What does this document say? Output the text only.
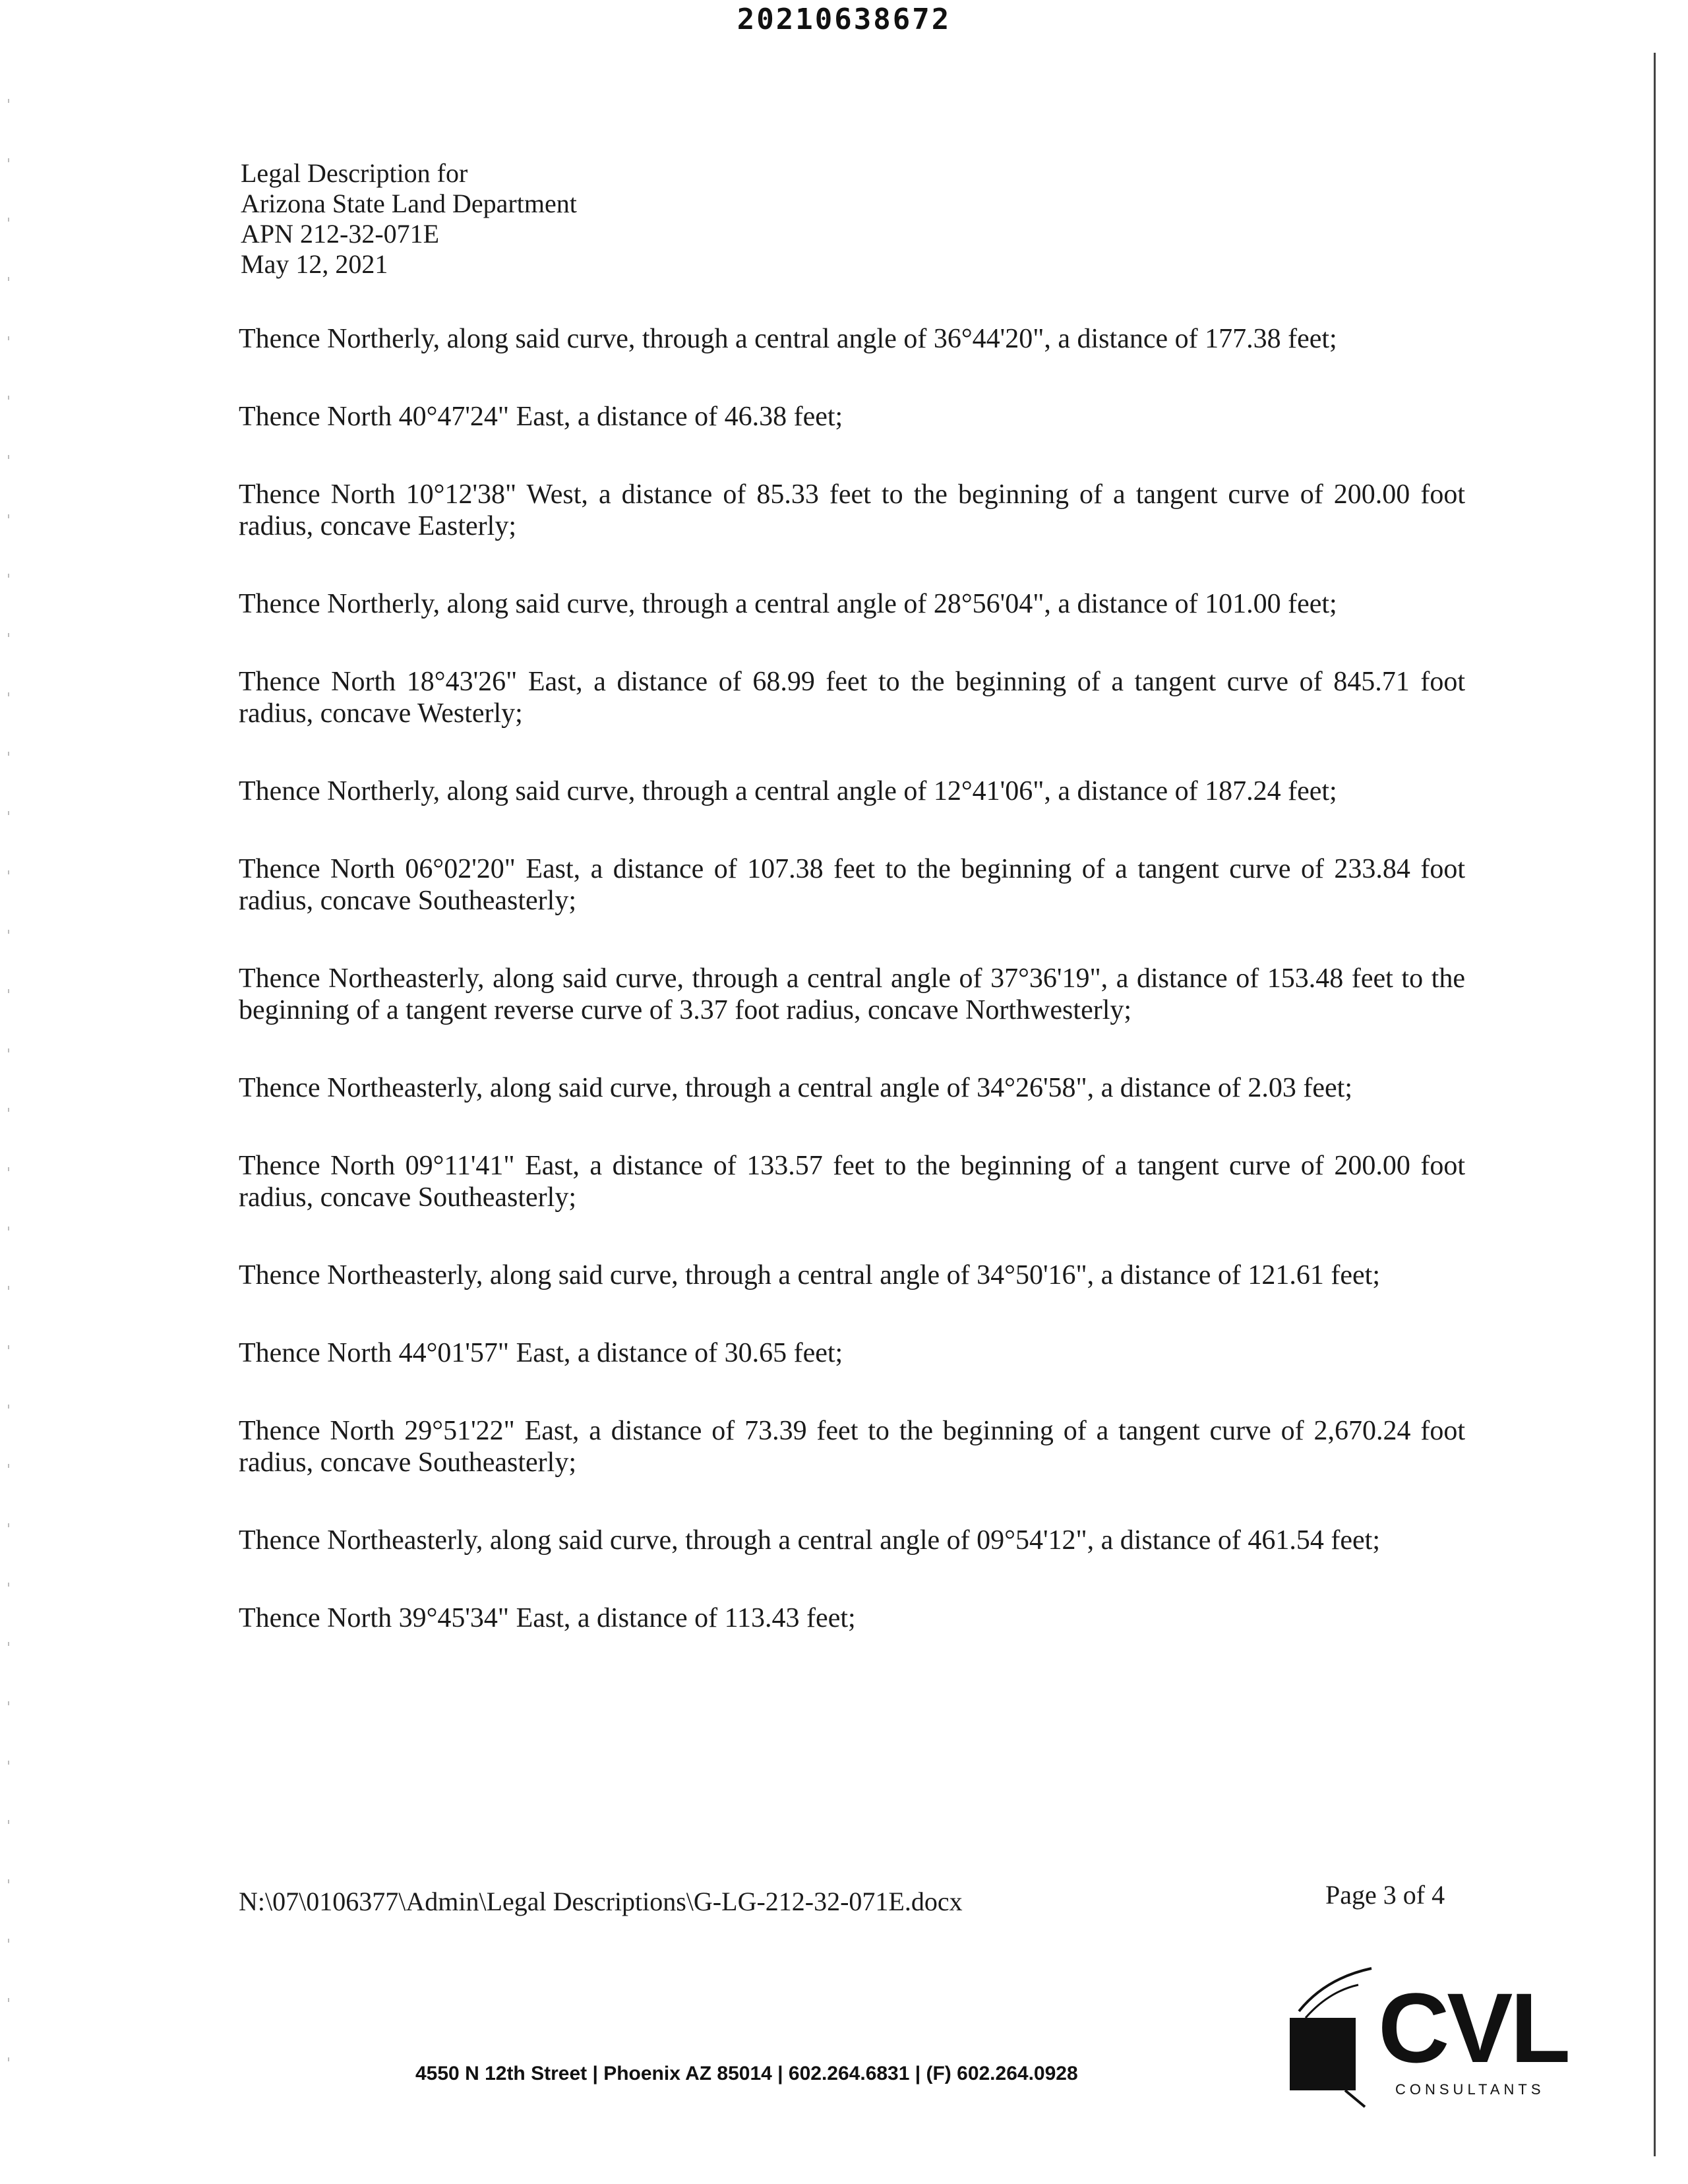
20210638672
Legal Description for
Arizona State Land Department
APN 212-32-071E
May 12, 2021

Thence Northerly, along said curve, through a central angle of 36°44'20", a distance of 177.38 feet;

Thence North 40°47'24" East, a distance of 46.38 feet;

Thence North 10°12'38" West, a distance of 85.33 feet to the beginning of a tangent curve of 200.00 foot radius, concave Easterly;

Thence Northerly, along said curve, through a central angle of 28°56'04", a distance of 101.00 feet;

Thence North 18°43'26" East, a distance of 68.99 feet to the beginning of a tangent curve of 845.71 foot radius, concave Westerly;

Thence Northerly, along said curve, through a central angle of 12°41'06", a distance of 187.24 feet;

Thence North 06°02'20" East, a distance of 107.38 feet to the beginning of a tangent curve of 233.84 foot radius, concave Southeasterly;

Thence Northeasterly, along said curve, through a central angle of 37°36'19", a distance of 153.48 feet to the beginning of a tangent reverse curve of 3.37 foot radius, concave Northwesterly;

Thence Northeasterly, along said curve, through a central angle of 34°26'58", a distance of 2.03 feet;

Thence North 09°11'41" East, a distance of 133.57 feet to the beginning of a tangent curve of 200.00 foot radius, concave Southeasterly;

Thence Northeasterly, along said curve, through a central angle of 34°50'16", a distance of 121.61 feet;

Thence North 44°01'57" East, a distance of 30.65 feet;

Thence North 29°51'22" East, a distance of 73.39 feet to the beginning of a tangent curve of 2,670.24 foot radius, concave Southeasterly;

Thence Northeasterly, along said curve, through a central angle of 09°54'12", a distance of 461.54 feet;

Thence North 39°45'34" East, a distance of 113.43 feet;

N:\07\0106377\Admin\Legal Descriptions\G-LG-212-32-071E.docx	Page 3 of 4
CVL
CONSULTANTS
4550 N 12th Street | Phoenix AZ 85014 | 602.264.6831 | (F) 602.264.0928
